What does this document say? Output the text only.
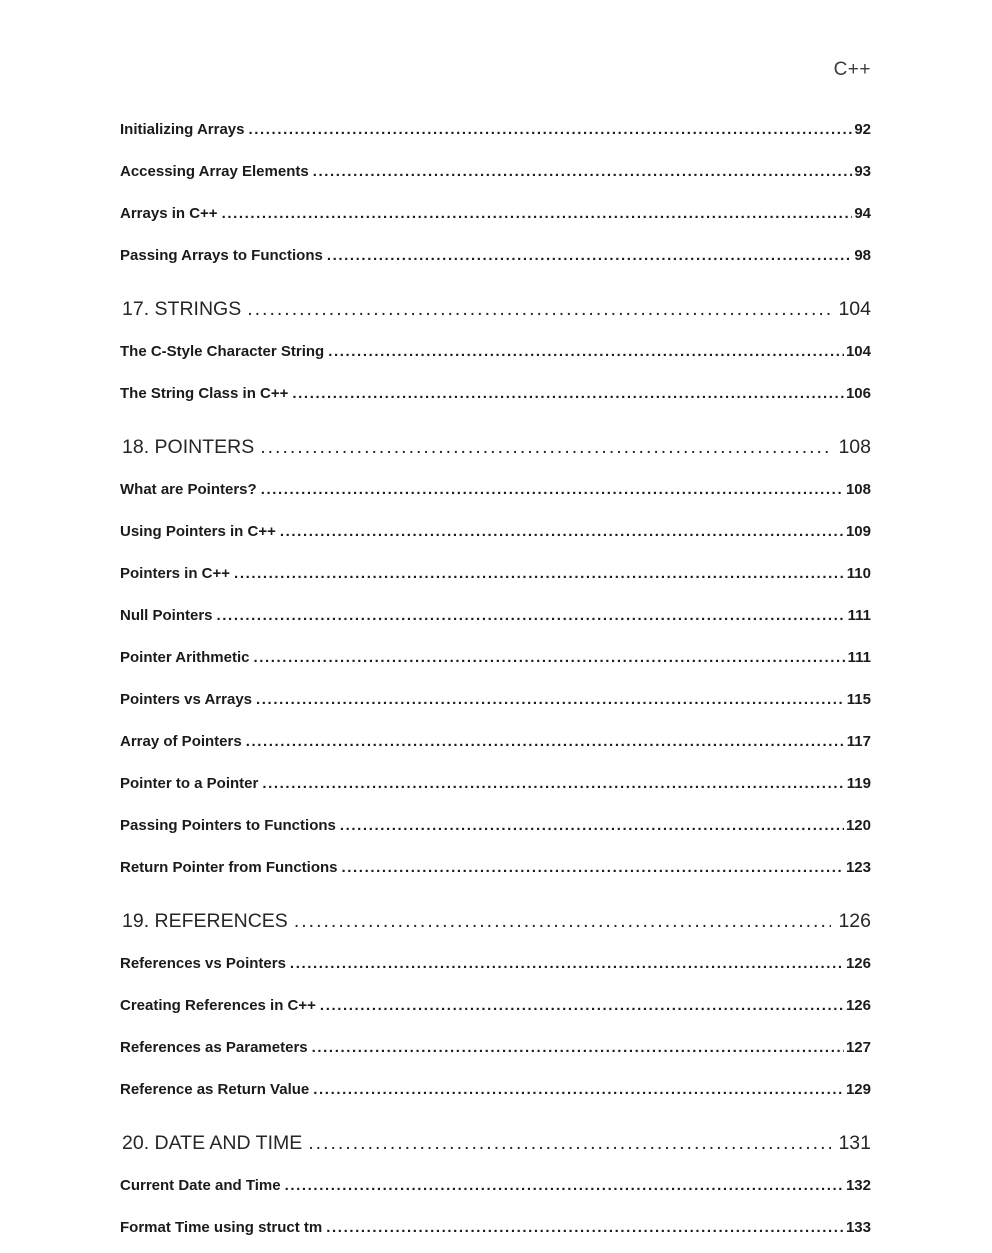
C++
Initializing Arrays .....	92
Accessing Array Elements .....	93
Arrays in C++ .....	94
Passing Arrays to Functions .....	98
17. STRINGS .....	104
The C-Style Character String .....	104
The String Class in C++ .....	106
18. POINTERS .....	108
What are Pointers? .....	108
Using Pointers in C++ .....	109
Pointers in C++ .....	110
Null Pointers .....	111
Pointer Arithmetic .....	111
Pointers vs Arrays .....	115
Array of Pointers .....	117
Pointer to a Pointer .....	119
Passing Pointers to Functions .....	120
Return Pointer from Functions .....	123
19. REFERENCES .....	126
References vs Pointers .....	126
Creating References in C++ .....	126
References as Parameters .....	127
Reference as Return Value .....	129
20. DATE AND TIME .....	131
Current Date and Time .....	132
Format Time using struct tm .....	133
